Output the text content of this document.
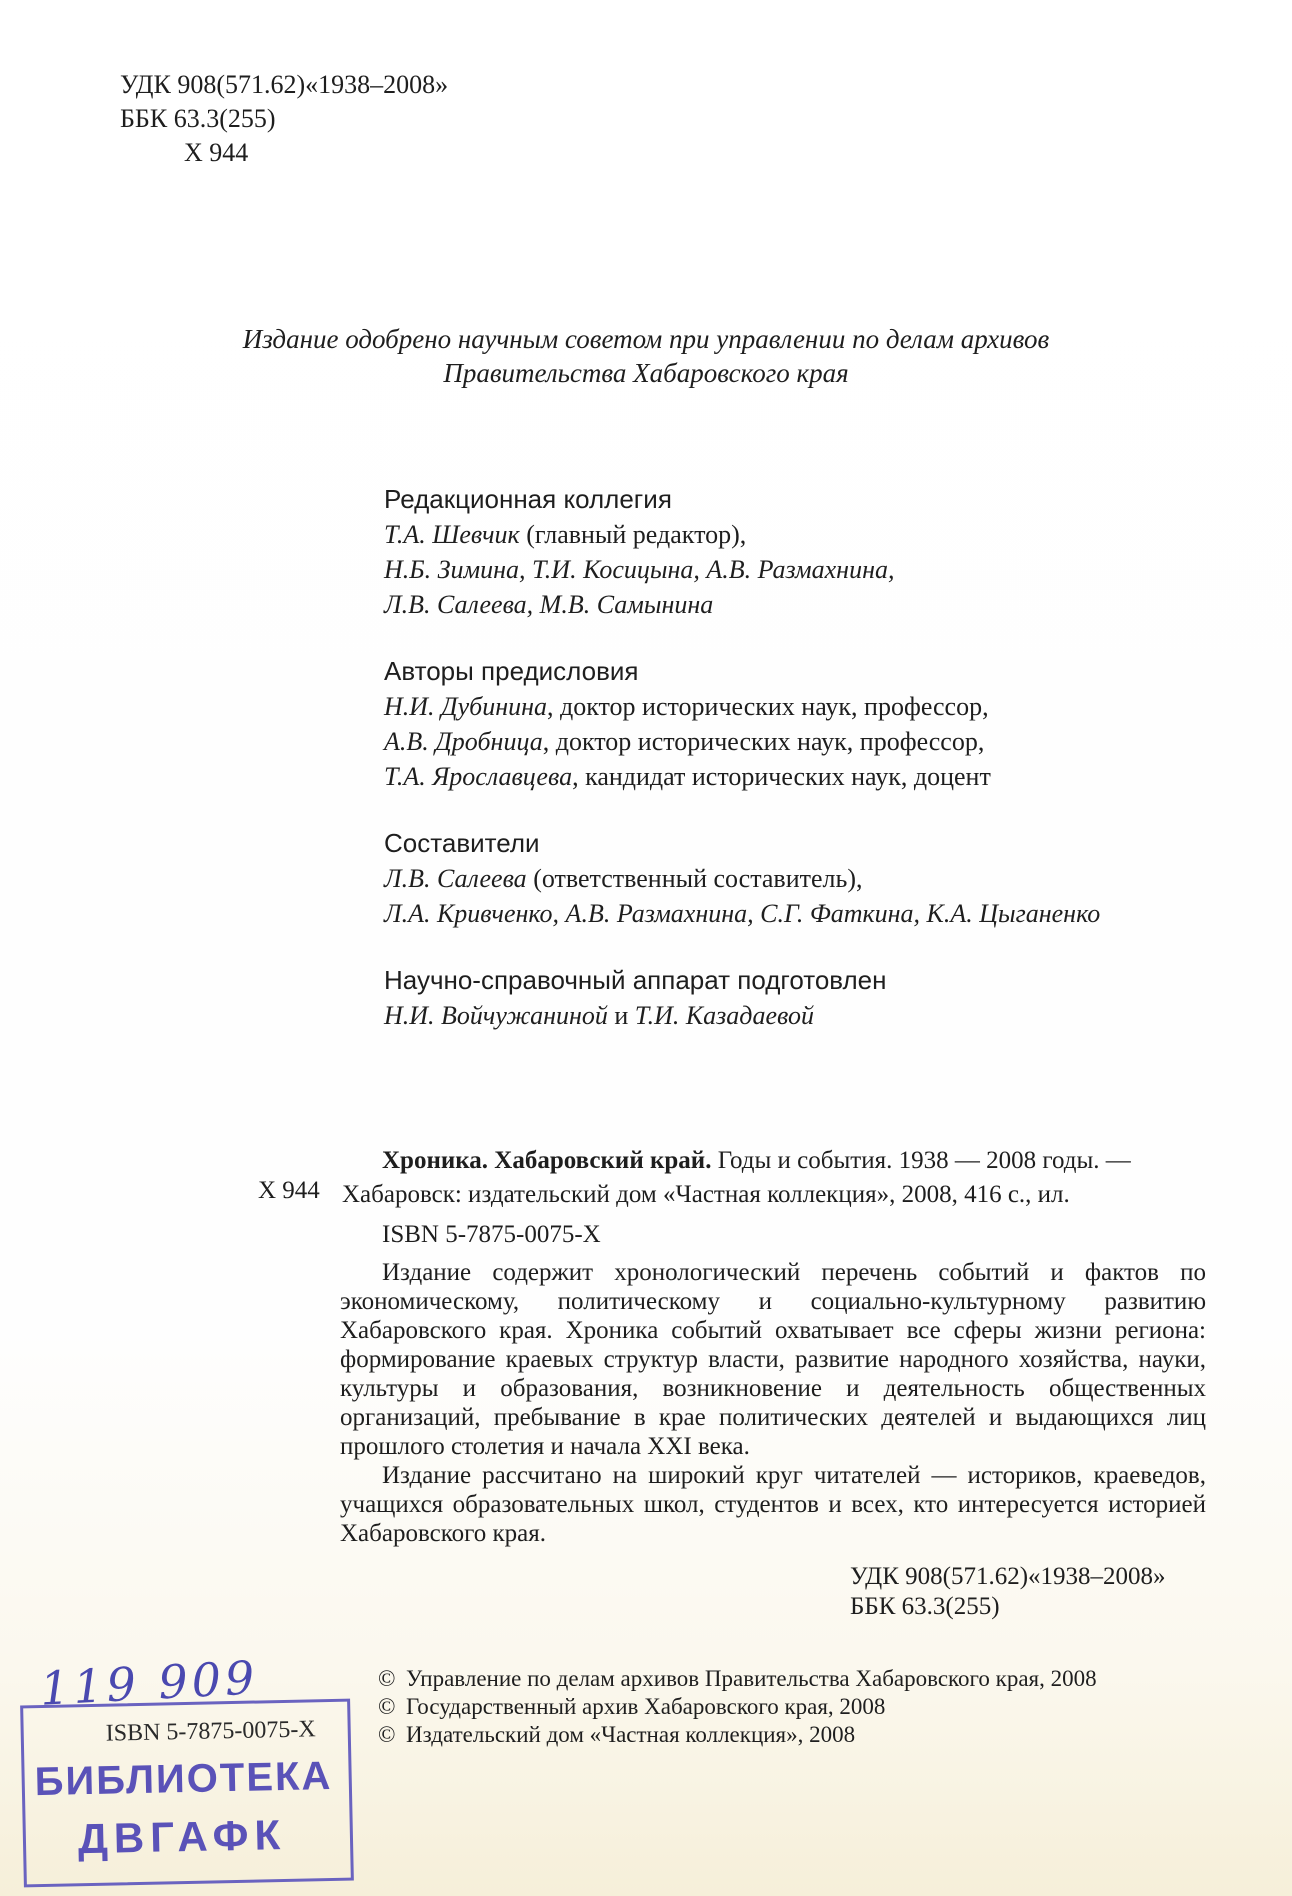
УДК 908(571.62)«1938–2008»
ББК 63.3(255)
Х 944
Издание одобрено научным советом при управлении по делам архивов
Правительства Хабаровского края
Редакционная коллегия
Т.А. Шевчик (главный редактор),
Н.Б. Зимина, Т.И. Косицына, А.В. Размахнина,
Л.В. Салеева, М.В. Самынина
Авторы предисловия
Н.И. Дубинина, доктор исторических наук, профессор,
А.В. Дробница, доктор исторических наук, профессор,
Т.А. Ярославцева, кандидат исторических наук, доцент
Составители
Л.В. Салеева (ответственный составитель),
Л.А. Кривченко, А.В. Размахнина, С.Г. Фаткина, К.А. Цыганенко
Научно-справочный аппарат подготовлен
Н.И. Войчужаниной и Т.И. Казадаевой
Хроника. Хабаровский край. Годы и события. 1938 — 2008 годы. —
Х 944 Хабаровск: издательский дом «Частная коллекция», 2008, 416 с., ил.
ISBN 5-7875-0075-X

Издание содержит хронологический перечень событий и фактов по экономическому, политическому и социально-культурному развитию Хабаровского края. Хроника событий охватывает все сферы жизни региона: формирование краевых структур власти, развитие народного хозяйства, науки, культуры и образования, возникновение и деятельность общественных организаций, пребывание в крае политических деятелей и выдающихся лиц прошлого столетия и начала XXI века.

Издание рассчитано на широкий круг читателей — историков, краеведов, учащихся образовательных школ, студентов и всех, кто интересуется историей Хабаровского края.

УДК 908(571.62)«1938–2008»
ББК 63.3(255)
© Управление по делам архивов Правительства Хабаровского края, 2008
© Государственный архив Хабаровского края, 2008
© Издательский дом «Частная коллекция», 2008
119 909
ISBN 5-7875-0075-X
БИБЛИОТЕКА
ДВГАФК
